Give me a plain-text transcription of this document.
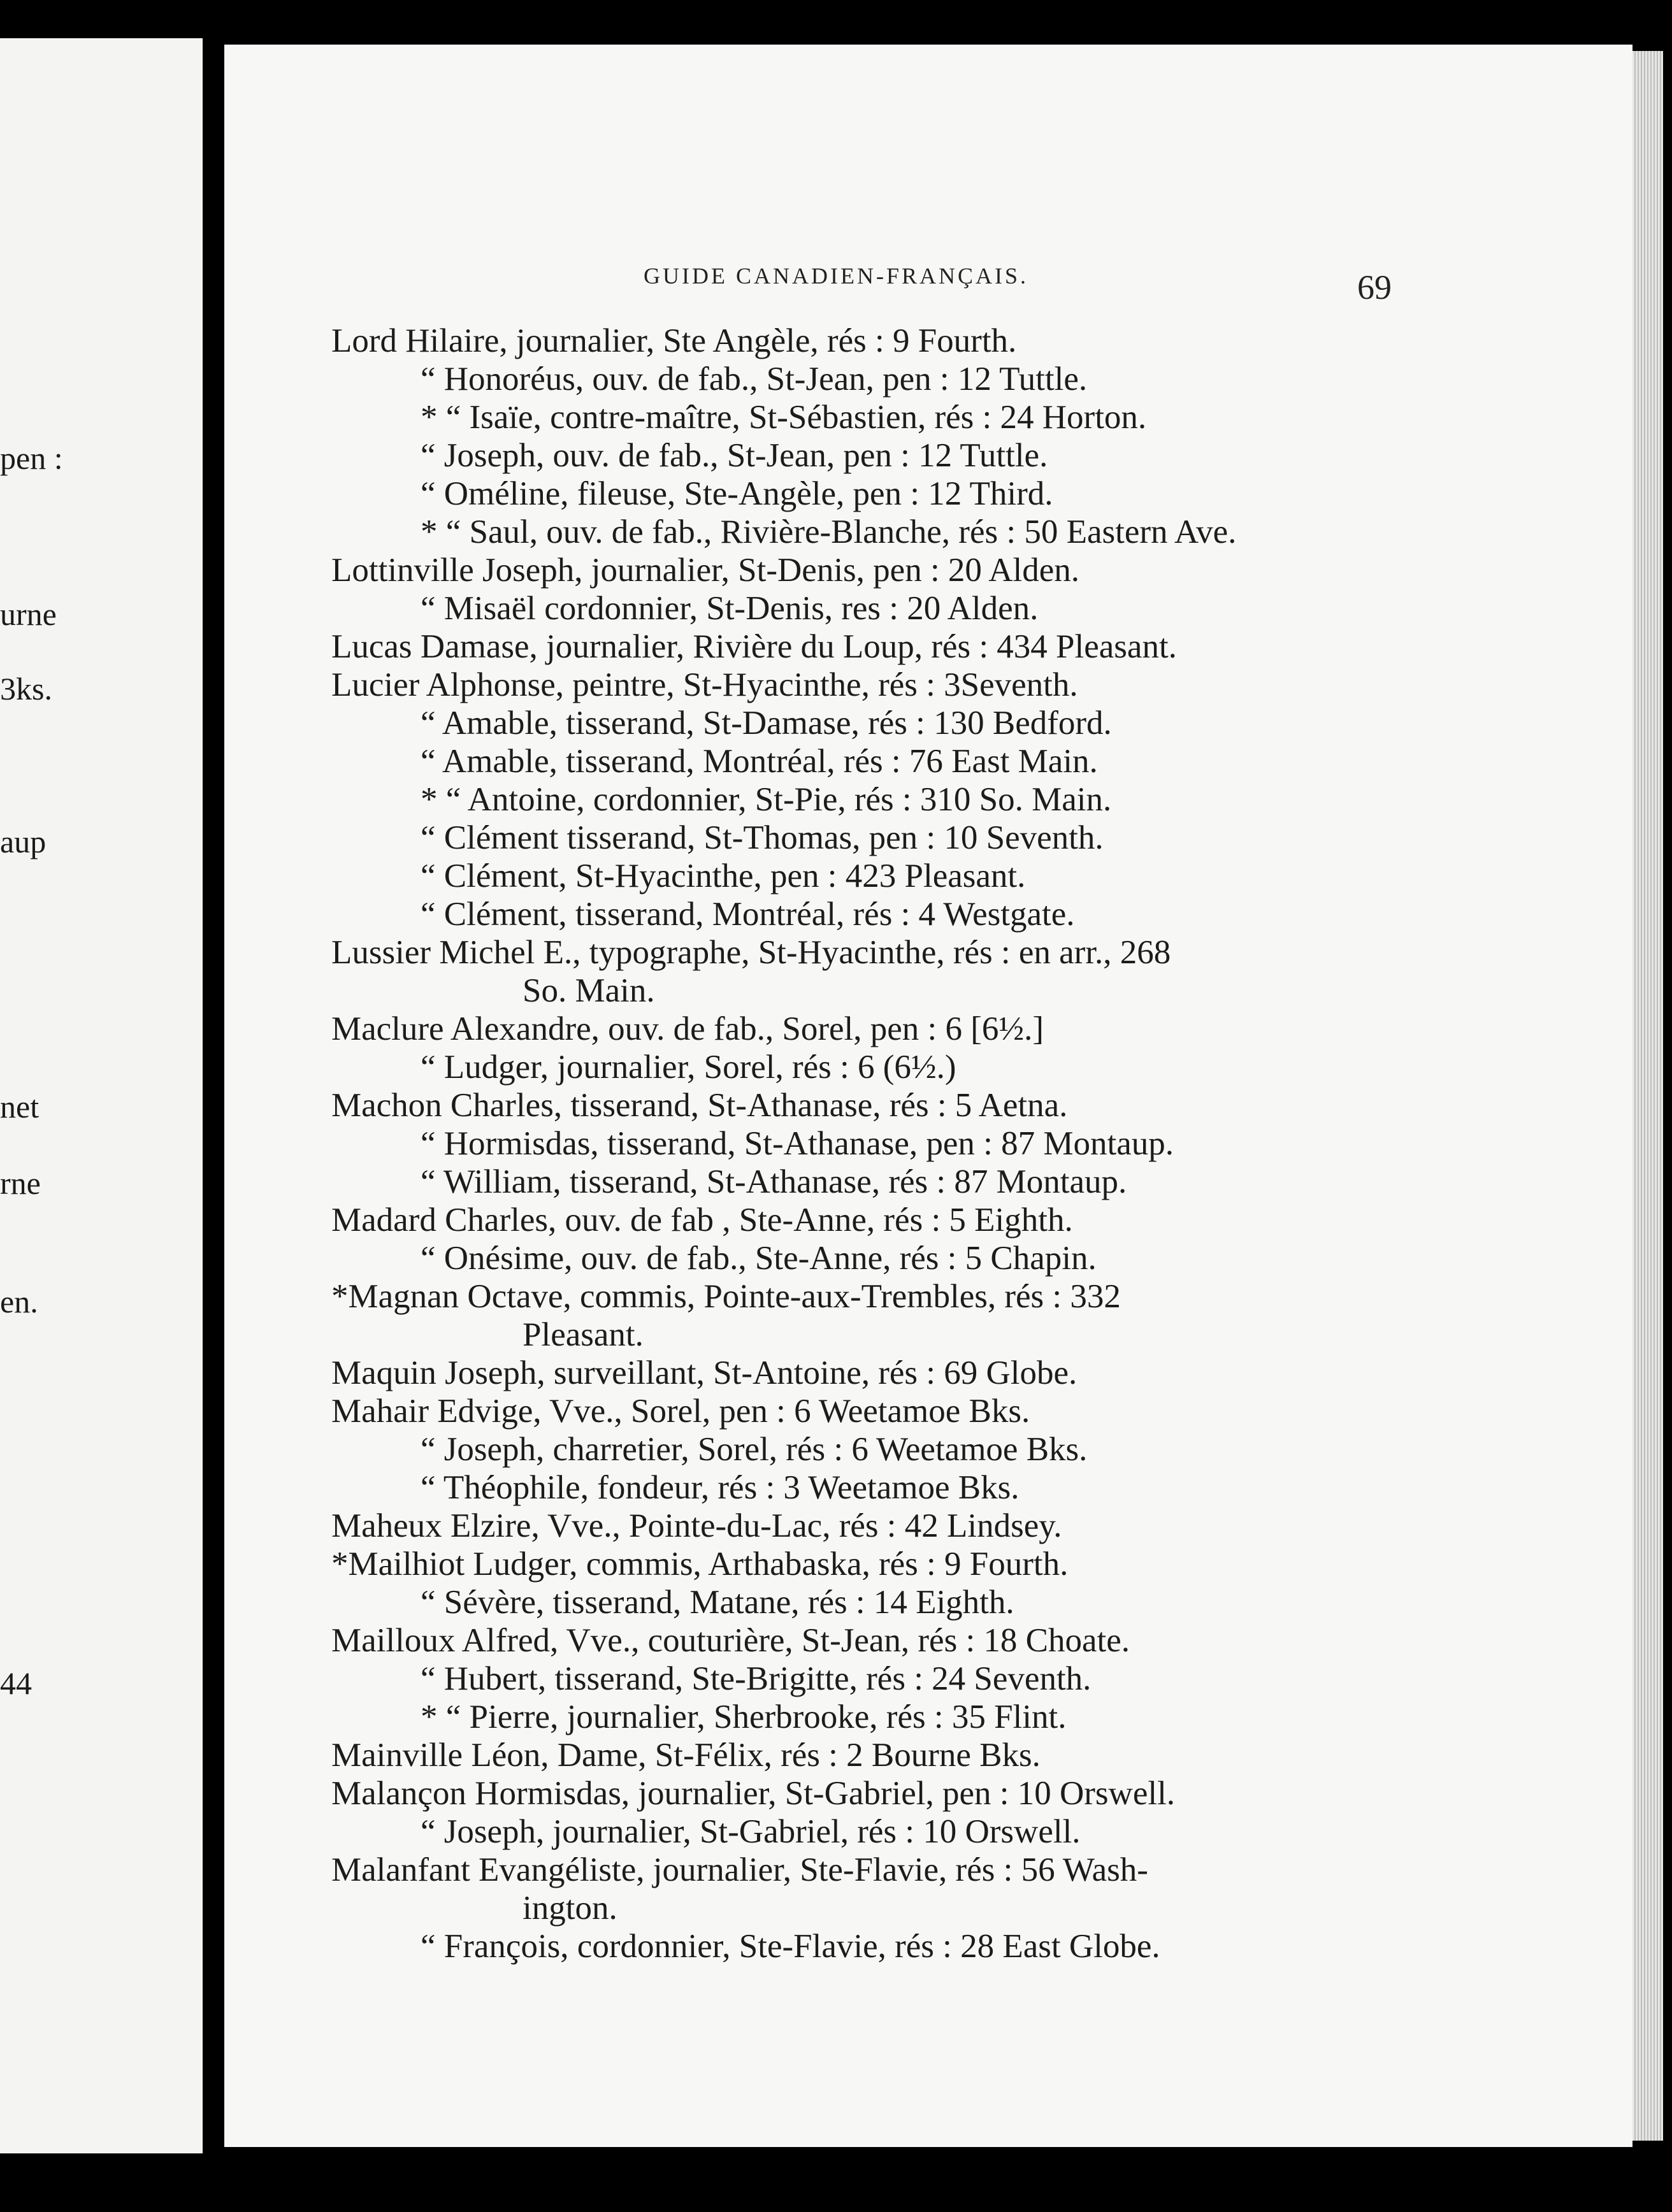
pen :
urne
3ks.
aup
net
rne
en.
44
GUIDE CANADIEN-FRANÇAIS.	69
Lord Hilaire, journalier, Ste Angèle, rés : 9 Fourth.
“ Honoréus, ouv. de fab., St-Jean, pen : 12 Tuttle.
* “ Isaïe, contre-maître, St-Sébastien, rés : 24 Horton.
“ Joseph, ouv. de fab., St-Jean, pen : 12 Tuttle.
“ Oméline, fileuse, Ste-Angèle, pen : 12 Third.
* “ Saul, ouv. de fab., Rivière-Blanche, rés : 50 Eastern Ave.
Lottinville Joseph, journalier, St-Denis, pen : 20 Alden.
“ Misaël cordonnier, St-Denis, res : 20 Alden.
Lucas Damase, journalier, Rivière du Loup, rés : 434 Pleasant.
Lucier Alphonse, peintre, St-Hyacinthe, rés : 3Seventh.
“ Amable, tisserand, St-Damase, rés : 130 Bedford.
“ Amable, tisserand, Montréal, rés : 76 East Main.
* “ Antoine, cordonnier, St-Pie, rés : 310 So. Main.
“ Clément tisserand, St-Thomas, pen : 10 Seventh.
“ Clément, St-Hyacinthe, pen : 423 Pleasant.
“ Clément, tisserand, Montréal, rés : 4 Westgate.
Lussier Michel E., typographe, St-Hyacinthe, rés : en arr., 268
So. Main.
Maclure Alexandre, ouv. de fab., Sorel, pen : 6 [6½.]
“ Ludger, journalier, Sorel, rés : 6 (6½.)
Machon Charles, tisserand, St-Athanase, rés : 5 Aetna.
“ Hormisdas, tisserand, St-Athanase, pen : 87 Montaup.
“ William, tisserand, St-Athanase, rés : 87 Montaup.
Madard Charles, ouv. de fab , Ste-Anne, rés : 5 Eighth.
“ Onésime, ouv. de fab., Ste-Anne, rés : 5 Chapin.
*Magnan Octave, commis, Pointe-aux-Trembles, rés : 332
Pleasant.
Maquin Joseph, surveillant, St-Antoine, rés : 69 Globe.
Mahair Edvige, Vve., Sorel, pen : 6 Weetamoe Bks.
“ Joseph, charretier, Sorel, rés : 6 Weetamoe Bks.
“ Théophile, fondeur, rés : 3 Weetamoe Bks.
Maheux Elzire, Vve., Pointe-du-Lac, rés : 42 Lindsey.
*Mailhiot Ludger, commis, Arthabaska, rés : 9 Fourth.
“ Sévère, tisserand, Matane, rés : 14 Eighth.
Mailloux Alfred, Vve., couturière, St-Jean, rés : 18 Choate.
“ Hubert, tisserand, Ste-Brigitte, rés : 24 Seventh.
* “ Pierre, journalier, Sherbrooke, rés : 35 Flint.
Mainville Léon, Dame, St-Félix, rés : 2 Bourne Bks.
Malançon Hormisdas, journalier, St-Gabriel, pen : 10 Orswell.
“ Joseph, journalier, St-Gabriel, rés : 10 Orswell.
Malanfant Evangéliste, journalier, Ste-Flavie, rés : 56 Wash-
ington.
“ François, cordonnier, Ste-Flavie, rés : 28 East Globe.
